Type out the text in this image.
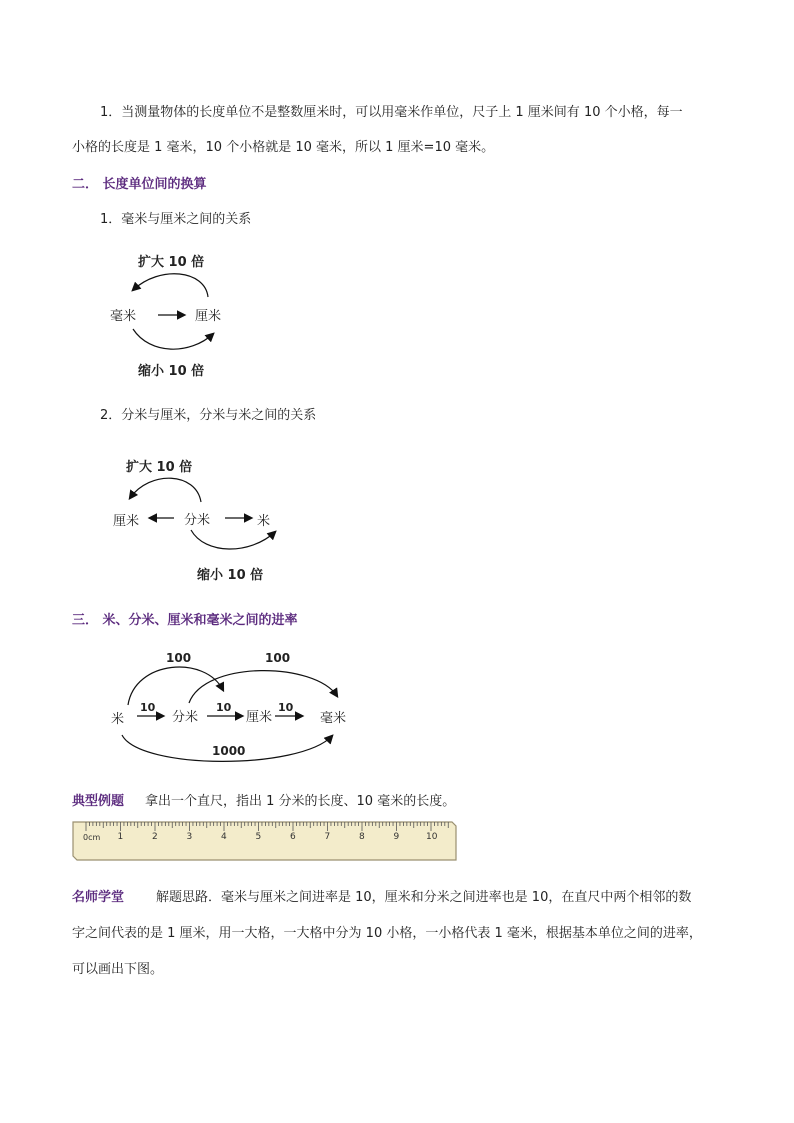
1．当测量物体的长度单位不是整数厘米时，可以用毫米作单位，尺子上 1 厘米间有 10 个小格，每一
小格的长度是 1 毫米，10 个小格就是 10 毫米，所以 1 厘米=10 毫米。
二． 长度单位间的换算
1．毫米与厘米之间的关系
扩大 10 倍
毫米	厘米
缩小 10 倍
2．分米与厘米，分米与米之间的关系
扩大 10 倍
厘米	分米	米
缩小 10 倍
三． 米、分米、厘米和毫米之间的进率
100	100
米
10
分米
10
厘米
10
毫米
1000
典型例题 拿出一个直尺，指出 1 分米的长度、10 毫米的长度。
0cm 1	2	3	4	5	6	7	8	9	10
名师学堂 解题思路．毫米与厘米之间进率是 10，厘米和分米之间进率也是 10，在直尺中两个相邻的数
字之间代表的是 1 厘米，用一大格，一大格中分为 10 小格，一小格代表 1 毫米，根据基本单位之间的进率，
可以画出下图。
